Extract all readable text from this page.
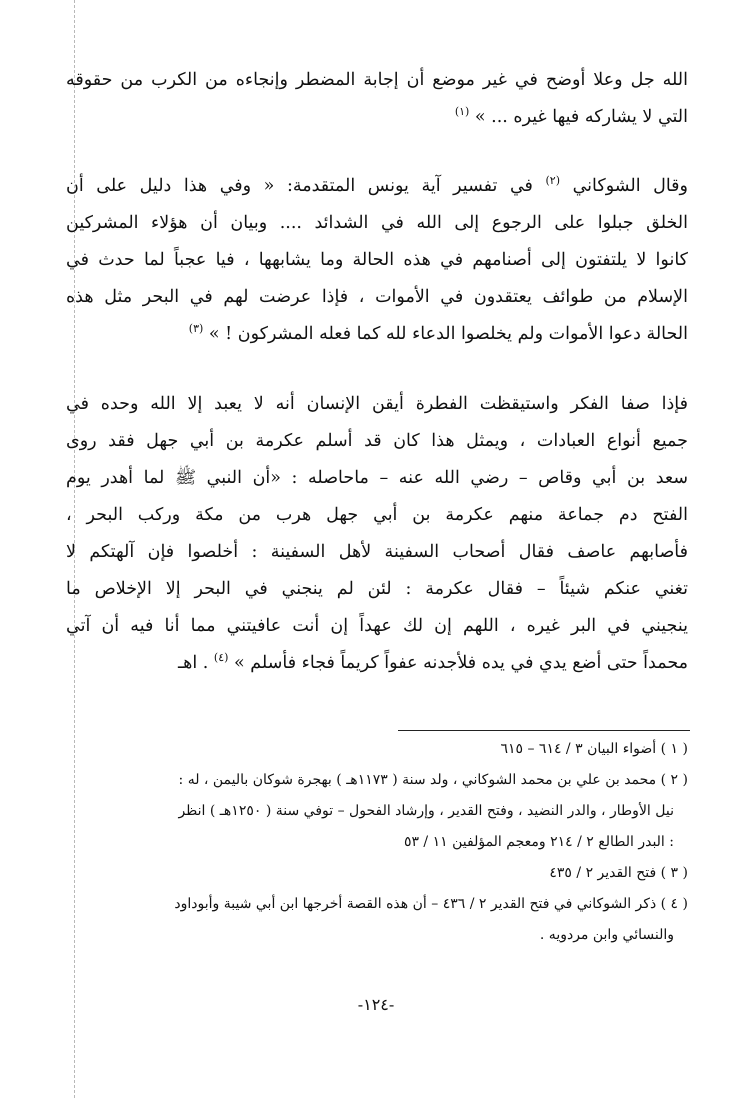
الله جل وعلا أوضح في غير موضع أن إجابة المضطر وإنجاءه من الكرب من حقوقه
التي لا يشاركه فيها غيره ... » $^{(١)}$
وقال الشوكاني $^{(٢)}$ في تفسير آية يونس المتقدمة: « وفي هذا دليل على أن
الخلق جبلوا على الرجوع إلى الله في الشدائد .... وبيان أن هؤلاء المشركين
كانوا لا يلتفتون إلى أصنامهم في هذه الحالة وما يشابهها ، فيا عجباً لما حدث في
الإسلام من طوائف يعتقدون في الأموات ، فإذا عرضت لهم في البحر مثل هذه
الحالة دعوا الأموات ولم يخلصوا الدعاء لله كما فعله المشركون ! » $^{(٣)}$
فإذا صفا الفكر واستيقظت الفطرة أيقن الإنسان أنه لا يعبد إلا الله وحده في
جميع أنواع العبادات ، ويمثل هذا كان قد أسلم عكرمة بن أبي جهل فقد روى
سعد بن أبي وقاص – رضي الله عنه – ماحاصله : «أن النبي ﷺ لما أهدر يوم
الفتح دم جماعة منهم عكرمة بن أبي جهل هرب من مكة وركب البحر ،
فأصابهم عاصف فقال أصحاب السفينة لأهل السفينة : أخلصوا فإن آلهتكم لا
تغني عنكم شيئاً – فقال عكرمة : لئن لم ينجني في البحر إلا الإخلاص ما
ينجيني في البر غيره ، اللهم إن لك عهداً إن أنت عافيتني مما أنا فيه أن آتي
محمداً حتى أضع يدي في يده فلأجدنه عفواً كريماً فجاء فأسلم » $^{(٤)}$ . اهـ
( ١ ) أضواء البيان ٣ / ٦١٤ – ٦١٥
( ٢ ) محمد بن علي بن محمد الشوكاني ، ولد سنة ( ١١٧٣هـ ) بهجرة شوكان باليمن ، له :
نيل الأوطار ، والدر النضيد ، وفتح القدير ، وإرشاد الفحول – توفي سنة ( ١٢٥٠هـ ) انظر
: البدر الطالع ٢ / ٢١٤ ومعجم المؤلفين ١١ / ٥٣
( ٣ ) فتح القدير ٢ / ٤٣٥
( ٤ ) ذكر الشوكاني في فتح القدير ٢ / ٤٣٦ – أن هذه القصة أخرجها ابن أبي شيبة وأبوداود
والنسائي وابن مردويه .
-١٢٤-
